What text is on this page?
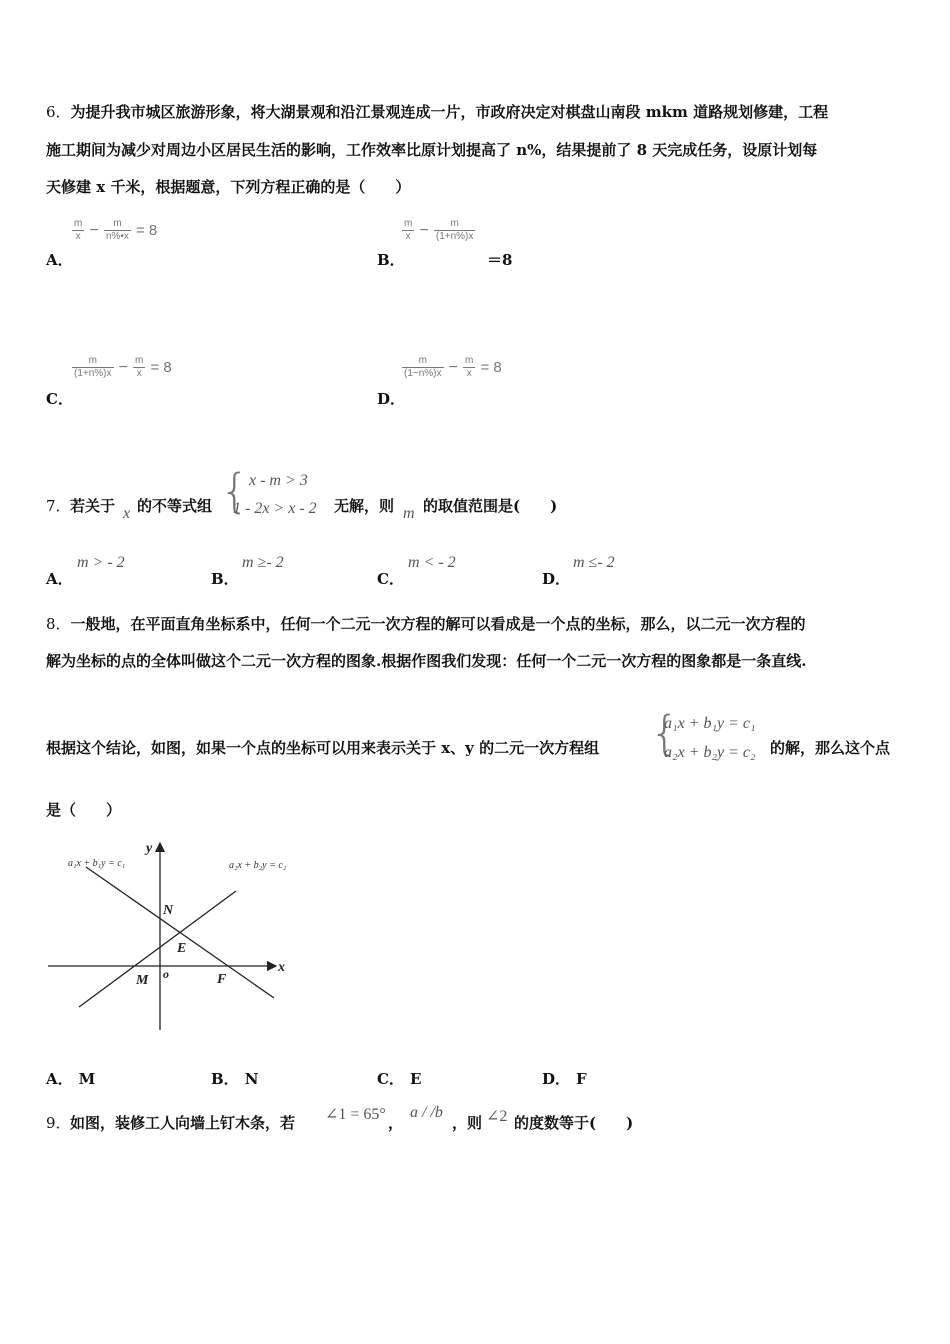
6．为提升我市城区旅游形象，将大湖景观和沿江景观连成一片，市政府决定对棋盘山南段 mkm 道路规划修建，工程
施工期间为减少对周边小区居民生活的影响，工作效率比原计划提高了 n%，结果提前了 8 天完成任务，设原计划每
天修建 x 千米，根据题意，下列方程正确的是（　　）
$\frac{m}{x} - \frac{m}{n\%•x} = 8$
A．
$\frac{m}{x} - \frac{m}{(1+n\%)x}$
B．	＝8
$\frac{m}{(1+n\%)x} - \frac{m}{x} = 8$
C．
$\frac{m}{(1-n\%)x} - \frac{m}{x} = 8$
D．
7． 若关于 x 的不等式组 { x - m > 3
1 - 2x > x - 2 无解，则 m 的取值范围是(　　)
A．
m > - 2
B．
m ≥- 2
C．
m < - 2
D．
m ≤- 2
8．一般地，在平面直角坐标系中，任何一个二元一次方程的解可以看成是一个点的坐标，那么，以二元一次方程的
解为坐标的点的全体叫做这个二元一次方程的图象.根据作图我们发现：任何一个二元一次方程的图象都是一条直线.
根据这个结论，如图，如果一个点的坐标可以用来表示关于 x、y 的二元一次方程组 {
a₁x + b₁y = c₁
a₂x + b₂y = c₂ 的解，那么这个点
是（　　）
a₁x + b₁y = c₁	a₂x + b₂y = c₂
y
x
o
N
E
M	F
A． M	B． N	C． E	D． F
9． 如图，装修工人向墙上钉木条，若 ∠1 = 65° ，
a / /b
，则 ∠2 的度数等于(　　)
